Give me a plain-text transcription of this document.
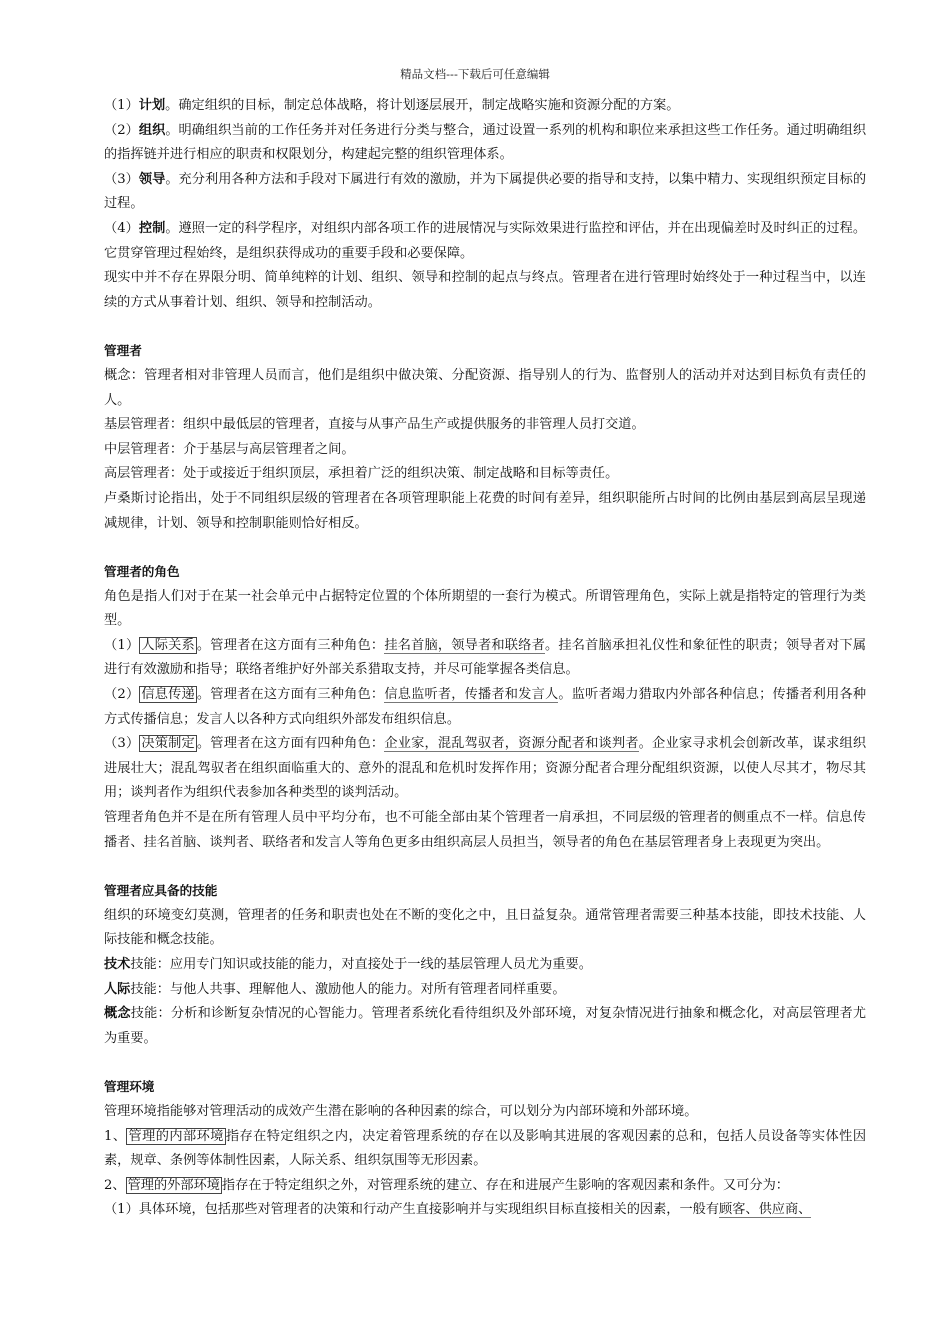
精品文档---下载后可任意编辑

（1）计划。确定组织的目标，制定总体战略，将计划逐层展开，制定战略实施和资源分配的方案。

（2）组织。明确组织当前的工作任务并对任务进行分类与整合，通过设置一系列的机构和职位来承担这些工作任务。通过明确组织的指挥链并进行相应的职责和权限划分，构建起完整的组织管理体系。

（3）领导。充分利用各种方法和手段对下属进行有效的激励，并为下属提供必要的指导和支持，以集中精力、实现组织预定目标的过程。

（4）控制。遵照一定的科学程序，对组织内部各项工作的进展情况与实际效果进行监控和评估，并在出现偏差时及时纠正的过程。它贯穿管理过程始终，是组织获得成功的重要手段和必要保障。

现实中并不存在界限分明、简单纯粹的计划、组织、领导和控制的起点与终点。管理者在进行管理时始终处于一种过程当中，以连续的方式从事着计划、组织、领导和控制活动。

管理者

概念：管理者相对非管理人员而言，他们是组织中做决策、分配资源、指导别人的行为、监督别人的活动并对达到目标负有责任的人。

基层管理者：组织中最低层的管理者，直接与从事产品生产或提供服务的非管理人员打交道。

中层管理者：介于基层与高层管理者之间。

高层管理者：处于或接近于组织顶层，承担着广泛的组织决策、制定战略和目标等责任。

卢桑斯讨论指出，处于不同组织层级的管理者在各项管理职能上花费的时间有差异，组织职能所占时间的比例由基层到高层呈现递减规律，计划、领导和控制职能则恰好相反。

管理者的角色

角色是指人们对于在某一社会单元中占据特定位置的个体所期望的一套行为模式。所谓管理角色，实际上就是指特定的管理行为类型。

（1） 人际关系 。管理者在这方面有三种角色：挂名首脑，领导者和联络者。挂名首脑承担礼仪性和象征性的职责；领导者对下属进行有效激励和指导；联络者维护好外部关系猎取支持，并尽可能掌握各类信息。

（2） 信息传递 。管理者在这方面有三种角色：信息监听者，传播者和发言人。监听者竭力猎取内外部各种信息；传播者利用各种方式传播信息；发言人以各种方式向组织外部发布组织信息。

（3） 决策制定 。管理者在这方面有四种角色：企业家，混乱驾驭者，资源分配者和谈判者。企业家寻求机会创新改革，谋求组织进展壮大；混乱驾驭者在组织面临重大的、意外的混乱和危机时发挥作用；资源分配者合理分配组织资源，以使人尽其才，物尽其用；谈判者作为组织代表参加各种类型的谈判活动。

管理者角色并不是在所有管理人员中平均分布，也不可能全部由某个管理者一肩承担，不同层级的管理者的侧重点不一样。信息传播者、挂名首脑、谈判者、联络者和发言人等角色更多由组织高层人员担当，领导者的角色在基层管理者身上表现更为突出。

管理者应具备的技能

组织的环境变幻莫测，管理者的任务和职责也处在不断的变化之中，且日益复杂。通常管理者需要三种基本技能，即技术技能、人际技能和概念技能。

技术技能：应用专门知识或技能的能力，对直接处于一线的基层管理人员尤为重要。

人际技能：与他人共事、理解他人、激励他人的能力。对所有管理者同样重要。

概念技能：分析和诊断复杂情况的心智能力。管理者系统化看待组织及外部环境，对复杂情况进行抽象和概念化，对高层管理者尤为重要。

管理环境

管理环境指能够对管理活动的成效产生潜在影响的各种因素的综合，可以划分为内部环境和外部环境。

1、 管理的内部环境 指存在特定组织之内，决定着管理系统的存在以及影响其进展的客观因素的总和，包括人员设备等实体性因素，规章、条例等体制性因素，人际关系、组织氛围等无形因素。

2、 管理的外部环境 指存在于特定组织之外，对管理系统的建立、存在和进展产生影响的客观因素和条件。又可分为：

（1）具体环境，包括那些对管理者的决策和行动产生直接影响并与实现组织目标直接相关的因素，一般有顾客、供应商、
